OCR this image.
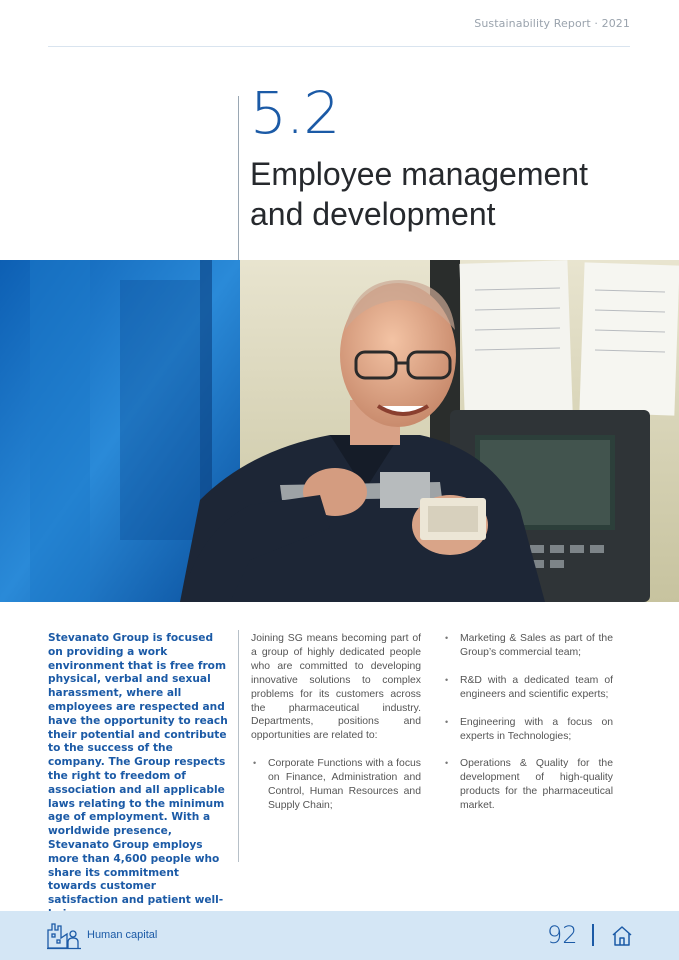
Sustainability Report · 2021
5.2
Employee management
and development
Stevanato Group is focused on providing a work environment that is free from physical, verbal and sexual harassment, where all employees are respected and have the opportunity to reach their potential and contribute to the success of the company. The Group respects the right to freedom of association and all applicable laws relating to the minimum age of employment. With a worldwide presence, Stevanato Group employs more than 4,600 people who share its commitment towards customer satisfaction and patient well-
Joining SG means becoming part of a group of highly dedicated people who are committed to developing innovative solutions to complex problems for its customers across the pharmaceutical industry. Departments, positions and opportunities are related to:
• Corporate Functions with a focus on Finance, Administration and Control, Human Resources and Supply Chain;
• Marketing & Sales as part of the Group’s commercial team;
• R&D with a dedicated team of engineers and scientific experts;
• Engineering with a focus on experts in Technologies;
• Operations & Quality for the development of high-quality products for the pharmaceutical market.
Human capital	92
